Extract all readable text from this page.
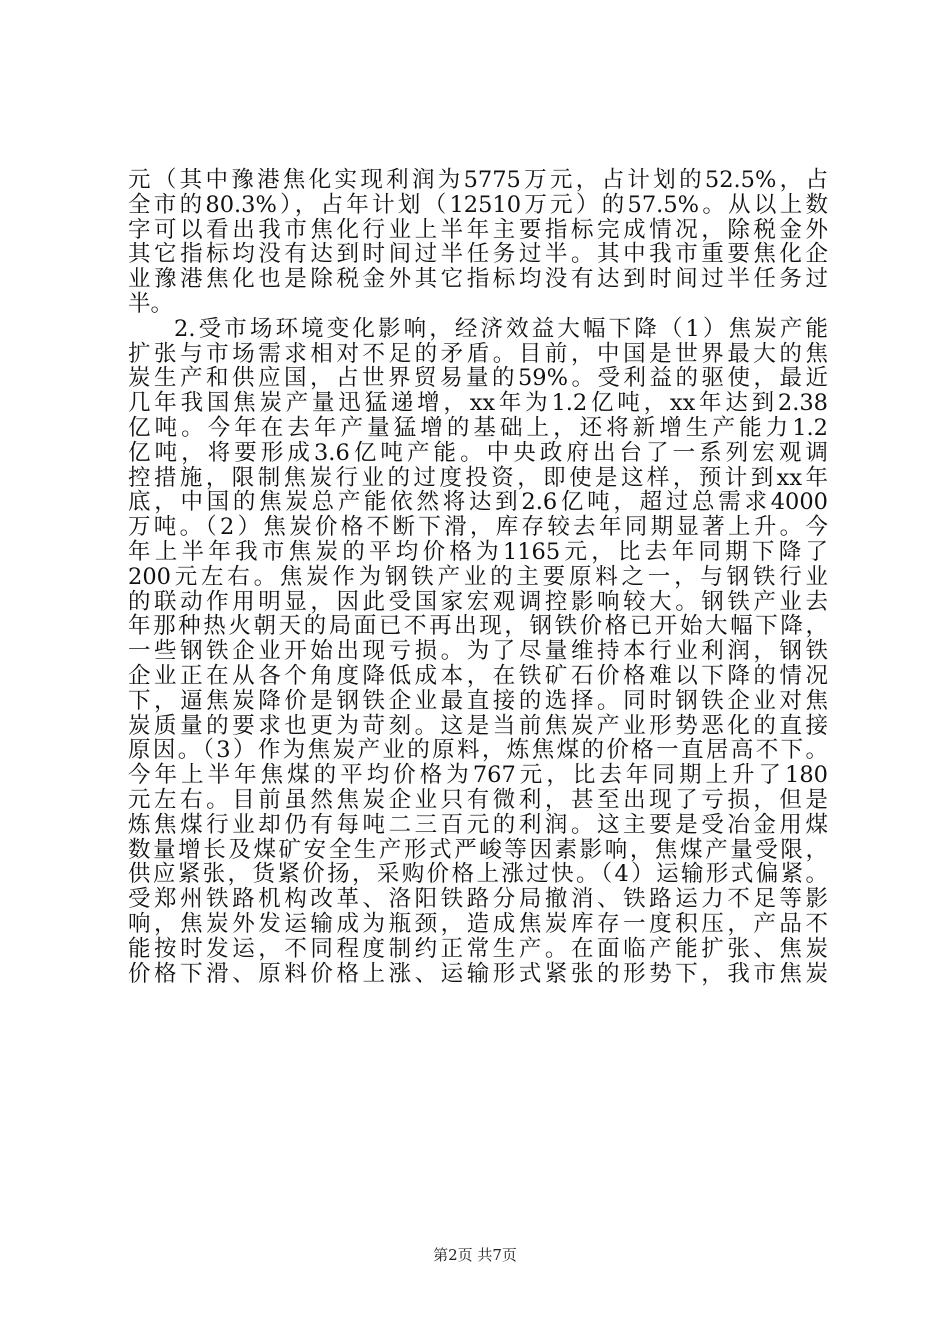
元（其中豫港焦化实现利润为5775万元，占计划的52.5%，占
全市的80.3%），占年计划（12510万元）的57.5%。从以上数
字可以看出我市焦化行业上半年主要指标完成情况，除税金外
其它指标均没有达到时间过半任务过半。其中我市重要焦化企
业豫港焦化也是除税金外其它指标均没有达到时间过半任务过
半。
2.受市场环境变化影响，经济效益大幅下降（1）焦炭产能
扩张与市场需求相对不足的矛盾。目前，中国是世界最大的焦
炭生产和供应国，占世界贸易量的59%。受利益的驱使，最近
几年我国焦炭产量迅猛递增，xx年为1.2亿吨，xx年达到2.38
亿吨。今年在去年产量猛增的基础上，还将新增生产能力1.2
亿吨，将要形成3.6亿吨产能。中央政府出台了一系列宏观调
控措施，限制焦炭行业的过度投资，即使是这样，预计到xx年
底，中国的焦炭总产能依然将达到2.6亿吨，超过总需求4000
万吨。（2）焦炭价格不断下滑，库存较去年同期显著上升。今
年上半年我市焦炭的平均价格为1165元，比去年同期下降了
200元左右。焦炭作为钢铁产业的主要原料之一，与钢铁行业
的联动作用明显，因此受国家宏观调控影响较大。钢铁产业去
年那种热火朝天的局面已不再出现，钢铁价格已开始大幅下降，
一些钢铁企业开始出现亏损。为了尽量维持本行业利润，钢铁
企业正在从各个角度降低成本，在铁矿石价格难以下降的情况
下，逼焦炭降价是钢铁企业最直接的选择。同时钢铁企业对焦
炭质量的要求也更为苛刻。这是当前焦炭产业形势恶化的直接
原因。（3）作为焦炭产业的原料，炼焦煤的价格一直居高不下。
今年上半年焦煤的平均价格为767元，比去年同期上升了180
元左右。目前虽然焦炭企业只有微利，甚至出现了亏损，但是
炼焦煤行业却仍有每吨二三百元的利润。这主要是受冶金用煤
数量增长及煤矿安全生产形式严峻等因素影响，焦煤产量受限，
供应紧张，货紧价扬，采购价格上涨过快。（4）运输形式偏紧。
受郑州铁路机构改革、洛阳铁路分局撤消、铁路运力不足等影
响，焦炭外发运输成为瓶颈，造成焦炭库存一度积压，产品不
能按时发运，不同程度制约正常生产。在面临产能扩张、焦炭
价格下滑、原料价格上涨、运输形式紧张的形势下，我市焦炭
第2页 共7页
